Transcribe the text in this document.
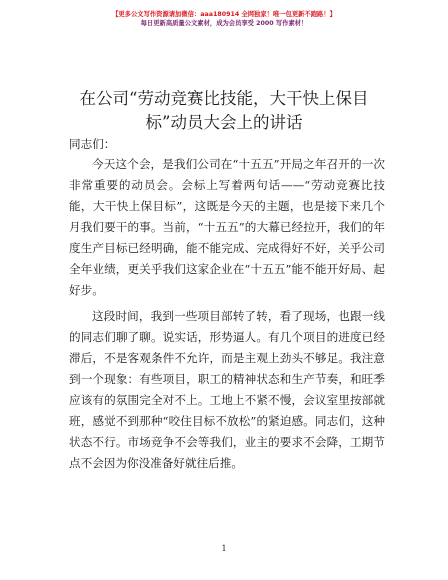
【更多公文写作资源请加微信：aaa180914 全网独家！唯一包更新不跑路！】
每日更新高质量公文素材，成为会员享受 2000 写作素材！
在公司“劳动竞赛比技能，大干快上保目
标”动员大会上的讲话
同志们：

今天这个会，是我们公司在“十五五”开局之年召开的一次非常重要的动员会。会标上写着两句话——“劳动竞赛比技能，大干快上保目标”，这既是今天的主题，也是接下来几个月我们要干的事。当前，“十五五”的大幕已经拉开，我们的年度生产目标已经明确，能不能完成、完成得好不好，关乎公司全年业绩，更关乎我们这家企业在“十五五”能不能开好局、起好步。

这段时间，我到一些项目部转了转，看了现场，也跟一线的同志们聊了聊。说实话，形势逼人。有几个项目的进度已经滞后，不是客观条件不允许，而是主观上劲头不够足。我注意到一个现象：有些项目，职工的精神状态和生产节奏，和旺季应该有的氛围完全对不上。工地上不紧不慢，会议室里按部就班，感觉不到那种“咬住目标不放松”的紧迫感。同志们，这种状态不行。市场竞争不会等我们，业主的要求不会降，工期节点不会因为你没准备好就往后推。

1
